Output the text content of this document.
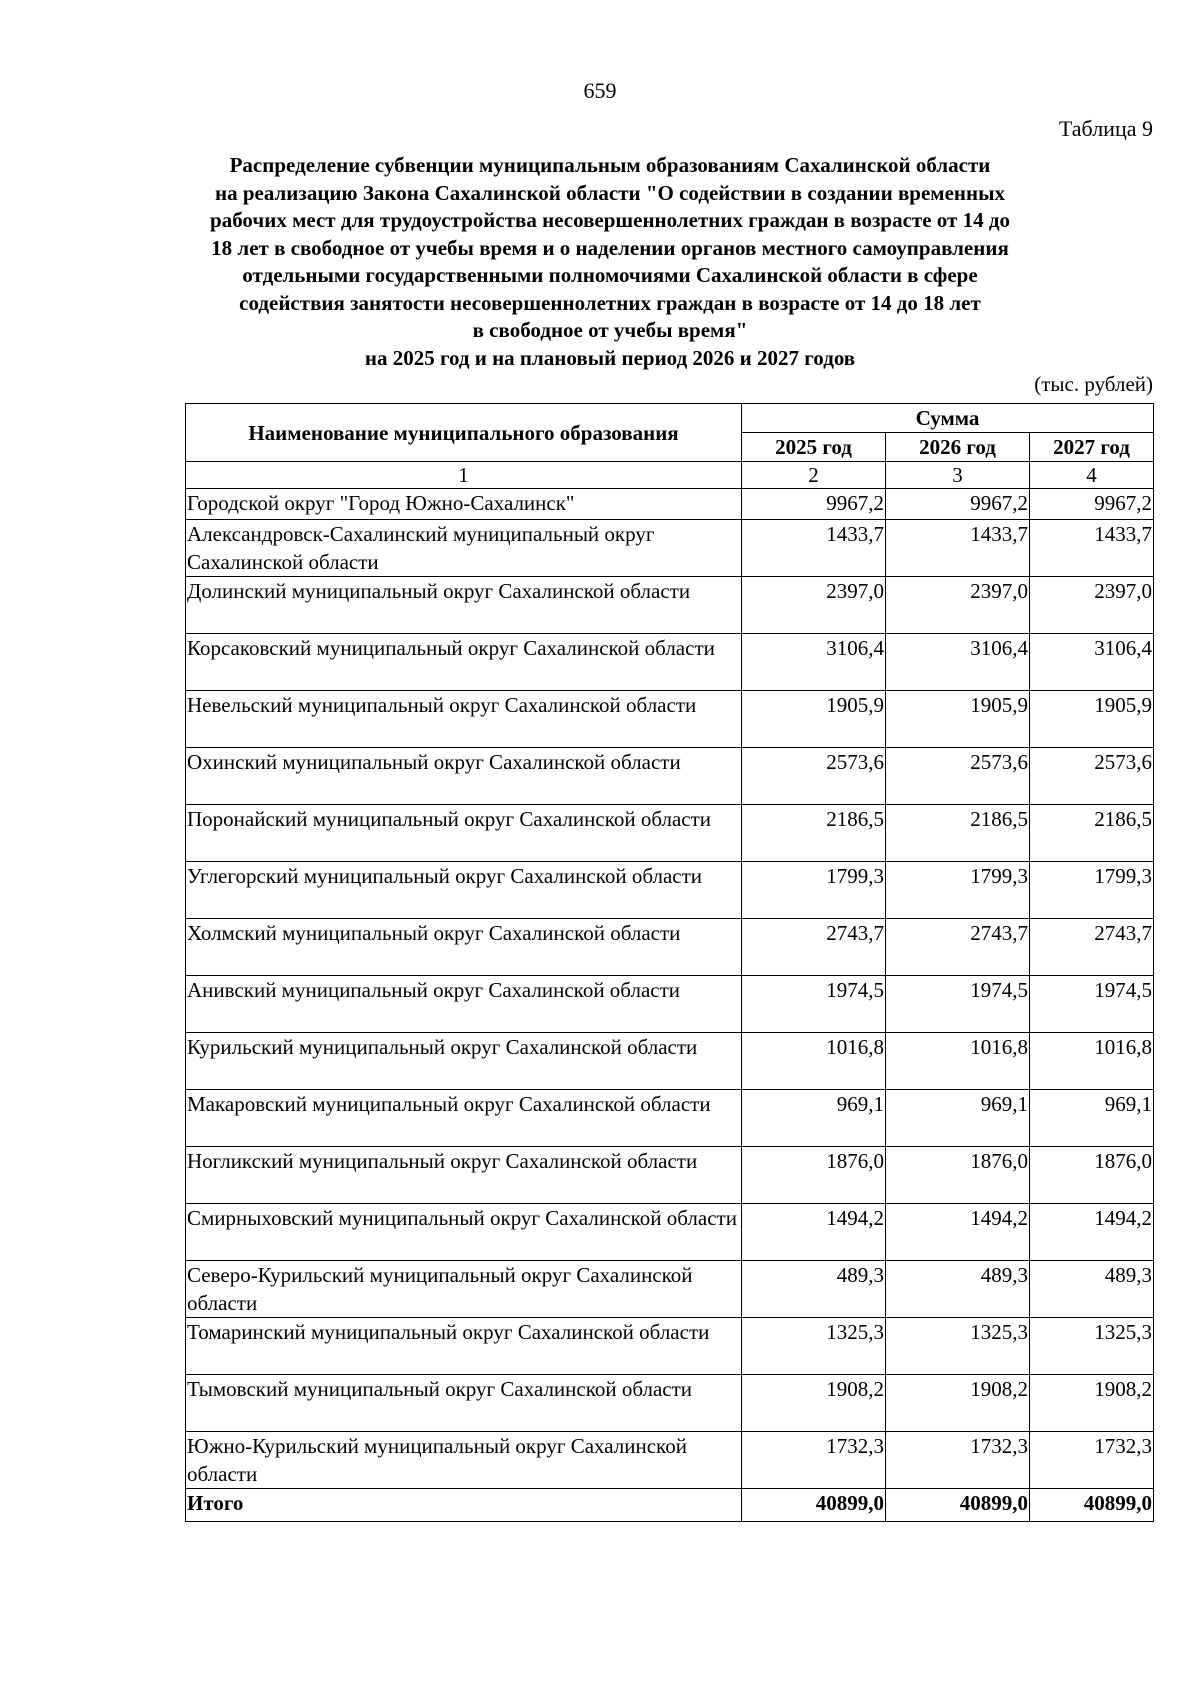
659
Таблица 9
Распределение субвенции муниципальным образованиям Сахалинской области
на реализацию Закона Сахалинской области "О содействии в создании временных
рабочих мест для трудоустройства несовершеннолетних граждан в возрасте от 14 до
18 лет в свободное от учебы время и о наделении органов местного самоуправления
отдельными государственными полномочиями Сахалинской области в сфере
содействия занятости несовершеннолетних граждан в возрасте от 14 до 18 лет
в свободное от учебы время"
на 2025 год и на плановый период 2026 и 2027 годов
(тыс. рублей)
Наименование муниципального образования	Сумма		
	2025 год	2026 год	2027 год
1	2	3	4
Городской округ "Город Южно-Сахалинск"	9967,2	9967,2	9967,2
Александровск-Сахалинский муниципальный округ Сахалинской области	1433,7	1433,7	1433,7
Долинский муниципальный округ Сахалинской области	2397,0	2397,0	2397,0
Корсаковский муниципальный округ Сахалинской области	3106,4	3106,4	3106,4
Невельский муниципальный округ Сахалинской области	1905,9	1905,9	1905,9
Охинский муниципальный округ Сахалинской области	2573,6	2573,6	2573,6
Поронайский муниципальный округ Сахалинской области	2186,5	2186,5	2186,5
Углегорский муниципальный округ Сахалинской области	1799,3	1799,3	1799,3
Холмский муниципальный округ Сахалинской области	2743,7	2743,7	2743,7
Анивский муниципальный округ Сахалинской области	1974,5	1974,5	1974,5
Курильский муниципальный округ Сахалинской области	1016,8	1016,8	1016,8
Макаровский муниципальный округ Сахалинской области	969,1	969,1	969,1
Ногликский муниципальный округ Сахалинской области	1876,0	1876,0	1876,0
Смирныховский муниципальный округ Сахалинской области	1494,2	1494,2	1494,2
Северо-Курильский муниципальный округ Сахалинской области	489,3	489,3	489,3
Томаринский муниципальный округ Сахалинской области	1325,3	1325,3	1325,3
Тымовский муниципальный округ Сахалинской области	1908,2	1908,2	1908,2
Южно-Курильский муниципальный округ Сахалинской области	1732,3	1732,3	1732,3
Итого	40899,0	40899,0	40899,0
